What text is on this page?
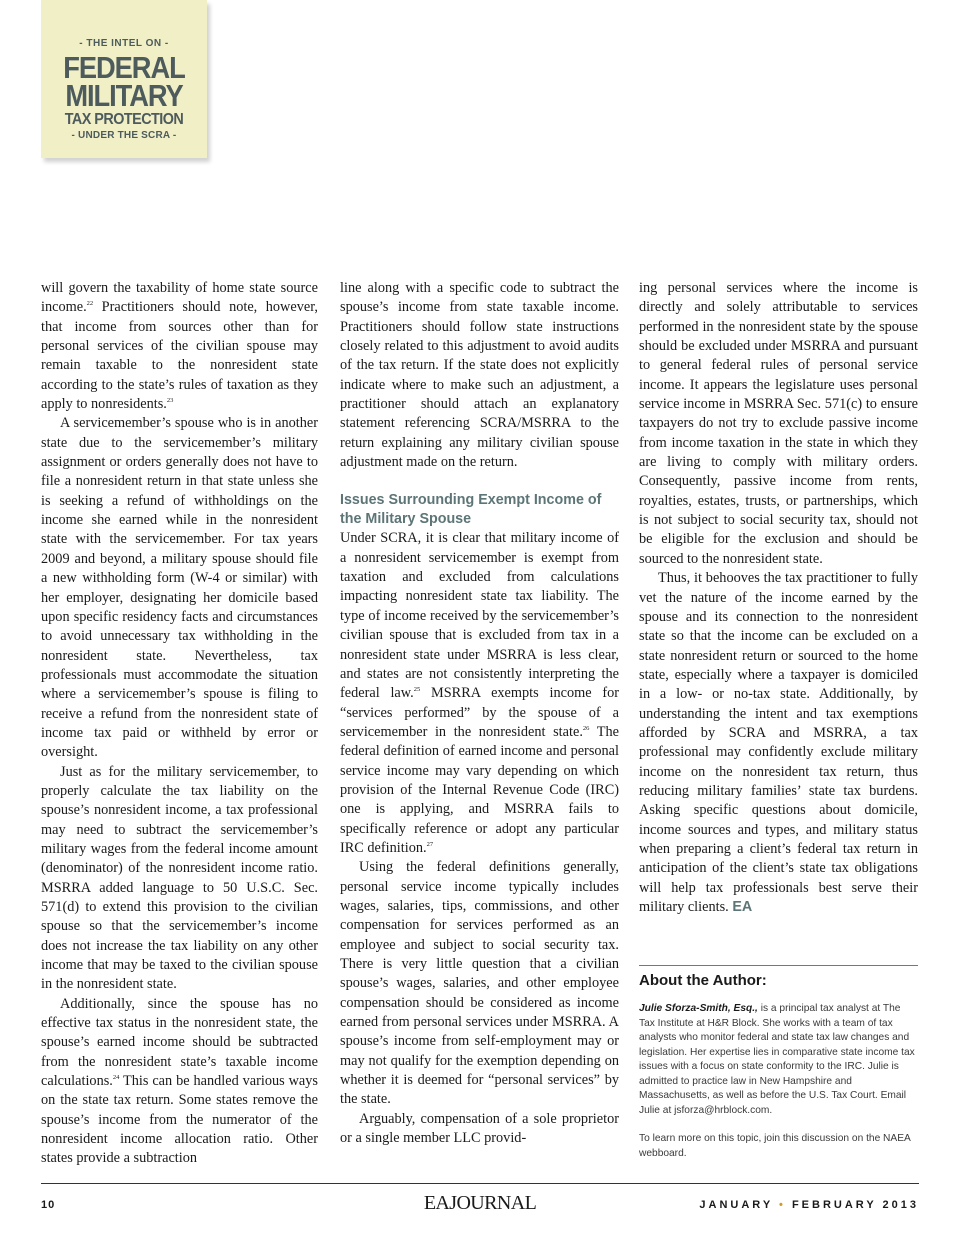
- THE INTEL ON -
FEDERAL
MILITARY
TAX PROTECTION
- UNDER THE SCRA -

will govern the taxability of home state source income.$^{22}$ Practitioners should note, however, that income from sources other than for personal services of the civilian spouse may remain taxable to the nonresident state according to the state’s rules of taxation as they apply to nonresidents.$^{23}$

A servicemember’s spouse who is in another state due to the servicemember’s military assignment or orders generally does not have to file a nonresident return in that state unless she is seeking a refund of withholdings on the income she earned while in the nonresident state with the servicemember. For tax years 2009 and beyond, a military spouse should file a new withholding form (W-4 or similar) with her employer, designating her domicile based upon specific residency facts and circumstances to avoid unnecessary tax withholding in the nonresident state. Nevertheless, tax professionals must accommodate the situation where a servicemember’s spouse is filing to receive a refund from the nonresident state of income tax paid or withheld by error or oversight.

Just as for the military servicemember, to properly calculate the tax liability on the spouse’s nonresident income, a tax professional may need to subtract the servicemember’s military wages from the federal income amount (denominator) of the nonresident income ratio. MSRRA added language to 50 U.S.C. Sec. 571(d) to extend this provision to the civilian spouse so that the servicemember’s income does not increase the tax liability on any other income that may be taxed to the civilian spouse in the nonresident state.

Additionally, since the spouse has no effective tax status in the nonresident state, the spouse’s earned income should be subtracted from the nonresident state’s taxable income calculations.$^{24}$ This can be handled various ways on the state tax return. Some states remove the spouse’s income from the numerator of the nonresident income allocation ratio. Other states provide a subtraction

line along with a specific code to subtract the spouse’s income from state taxable income. Practitioners should follow state instructions closely related to this adjustment to avoid audits of the tax return. If the state does not explicitly indicate where to make such an adjustment, a practitioner should attach an explanatory statement referencing SCRA/MSRRA to the return explaining any military civilian spouse adjustment made on the return.

Issues Surrounding Exempt Income of the Military Spouse

Under SCRA, it is clear that military income of a nonresident servicemember is exempt from taxation and excluded from calculations impacting nonresident state tax liability. The type of income received by the servicemember’s civilian spouse that is excluded from tax in a nonresident state under MSRRA is less clear, and states are not consistently interpreting the federal law.$^{25}$ MSRRA exempts income for “services performed” by the spouse of a servicemember in the nonresident state.$^{26}$ The federal definition of earned income and personal service income may vary depending on which provision of the Internal Revenue Code (IRC) one is applying, and MSRRA fails to specifically reference or adopt any particular IRC definition.$^{27}$

Using the federal definitions generally, personal service income typically includes wages, salaries, tips, commissions, and other compensation for services performed as an employee and subject to social security tax. There is very little question that a civilian spouse’s wages, salaries, and other employee compensation should be considered as income earned from personal services under MSRRA. A spouse’s income from self-employment may or may not qualify for the exemption depending on whether it is deemed for “personal services” by the state.

Arguably, compensation of a sole proprietor or a single member LLC provid-

ing personal services where the income is directly and solely attributable to services performed in the nonresident state by the spouse should be excluded under MSRRA and pursuant to general federal rules of personal service income. It appears the legislature uses personal service income in MSRRA Sec. 571(c) to ensure taxpayers do not try to exclude passive income from income taxation in the state in which they are living to comply with military orders. Consequently, passive income from rents, royalties, estates, trusts, or partnerships, which is not subject to social security tax, should not be eligible for the exclusion and should be sourced to the nonresident state.

Thus, it behooves the tax practitioner to fully vet the nature of the income earned by the spouse and its connection to the nonresident state so that the income can be excluded on a state nonresident return or sourced to the home state, especially where a taxpayer is domiciled in a low- or no-tax state. Additionally, by understanding the intent and tax exemptions afforded by SCRA and MSRRA, a tax professional may confidently exclude military income on the nonresident tax return, thus reducing military families’ state tax burdens. Asking specific questions about domicile, income sources and types, and military status when preparing a client’s federal tax return in anticipation of the client’s state tax obligations will help tax professionals best serve their military clients. EA

About the Author:
Julie Sforza-Smith, Esq., is a principal tax analyst at The Tax Institute at H&R Block. She works with a team of tax analysts who monitor federal and state tax law changes and legislation. Her expertise lies in comparative state income tax issues with a focus on state conformity to the IRC. Julie is admitted to practice law in New Hampshire and Massachusetts, as well as before the U.S. Tax Court. Email Julie at jsforza@hrblock.com.
To learn more on this topic, join this discussion on the NAEA webboard.
10	EAJOURNAL	JANUARY • FEBRUARY 2013
